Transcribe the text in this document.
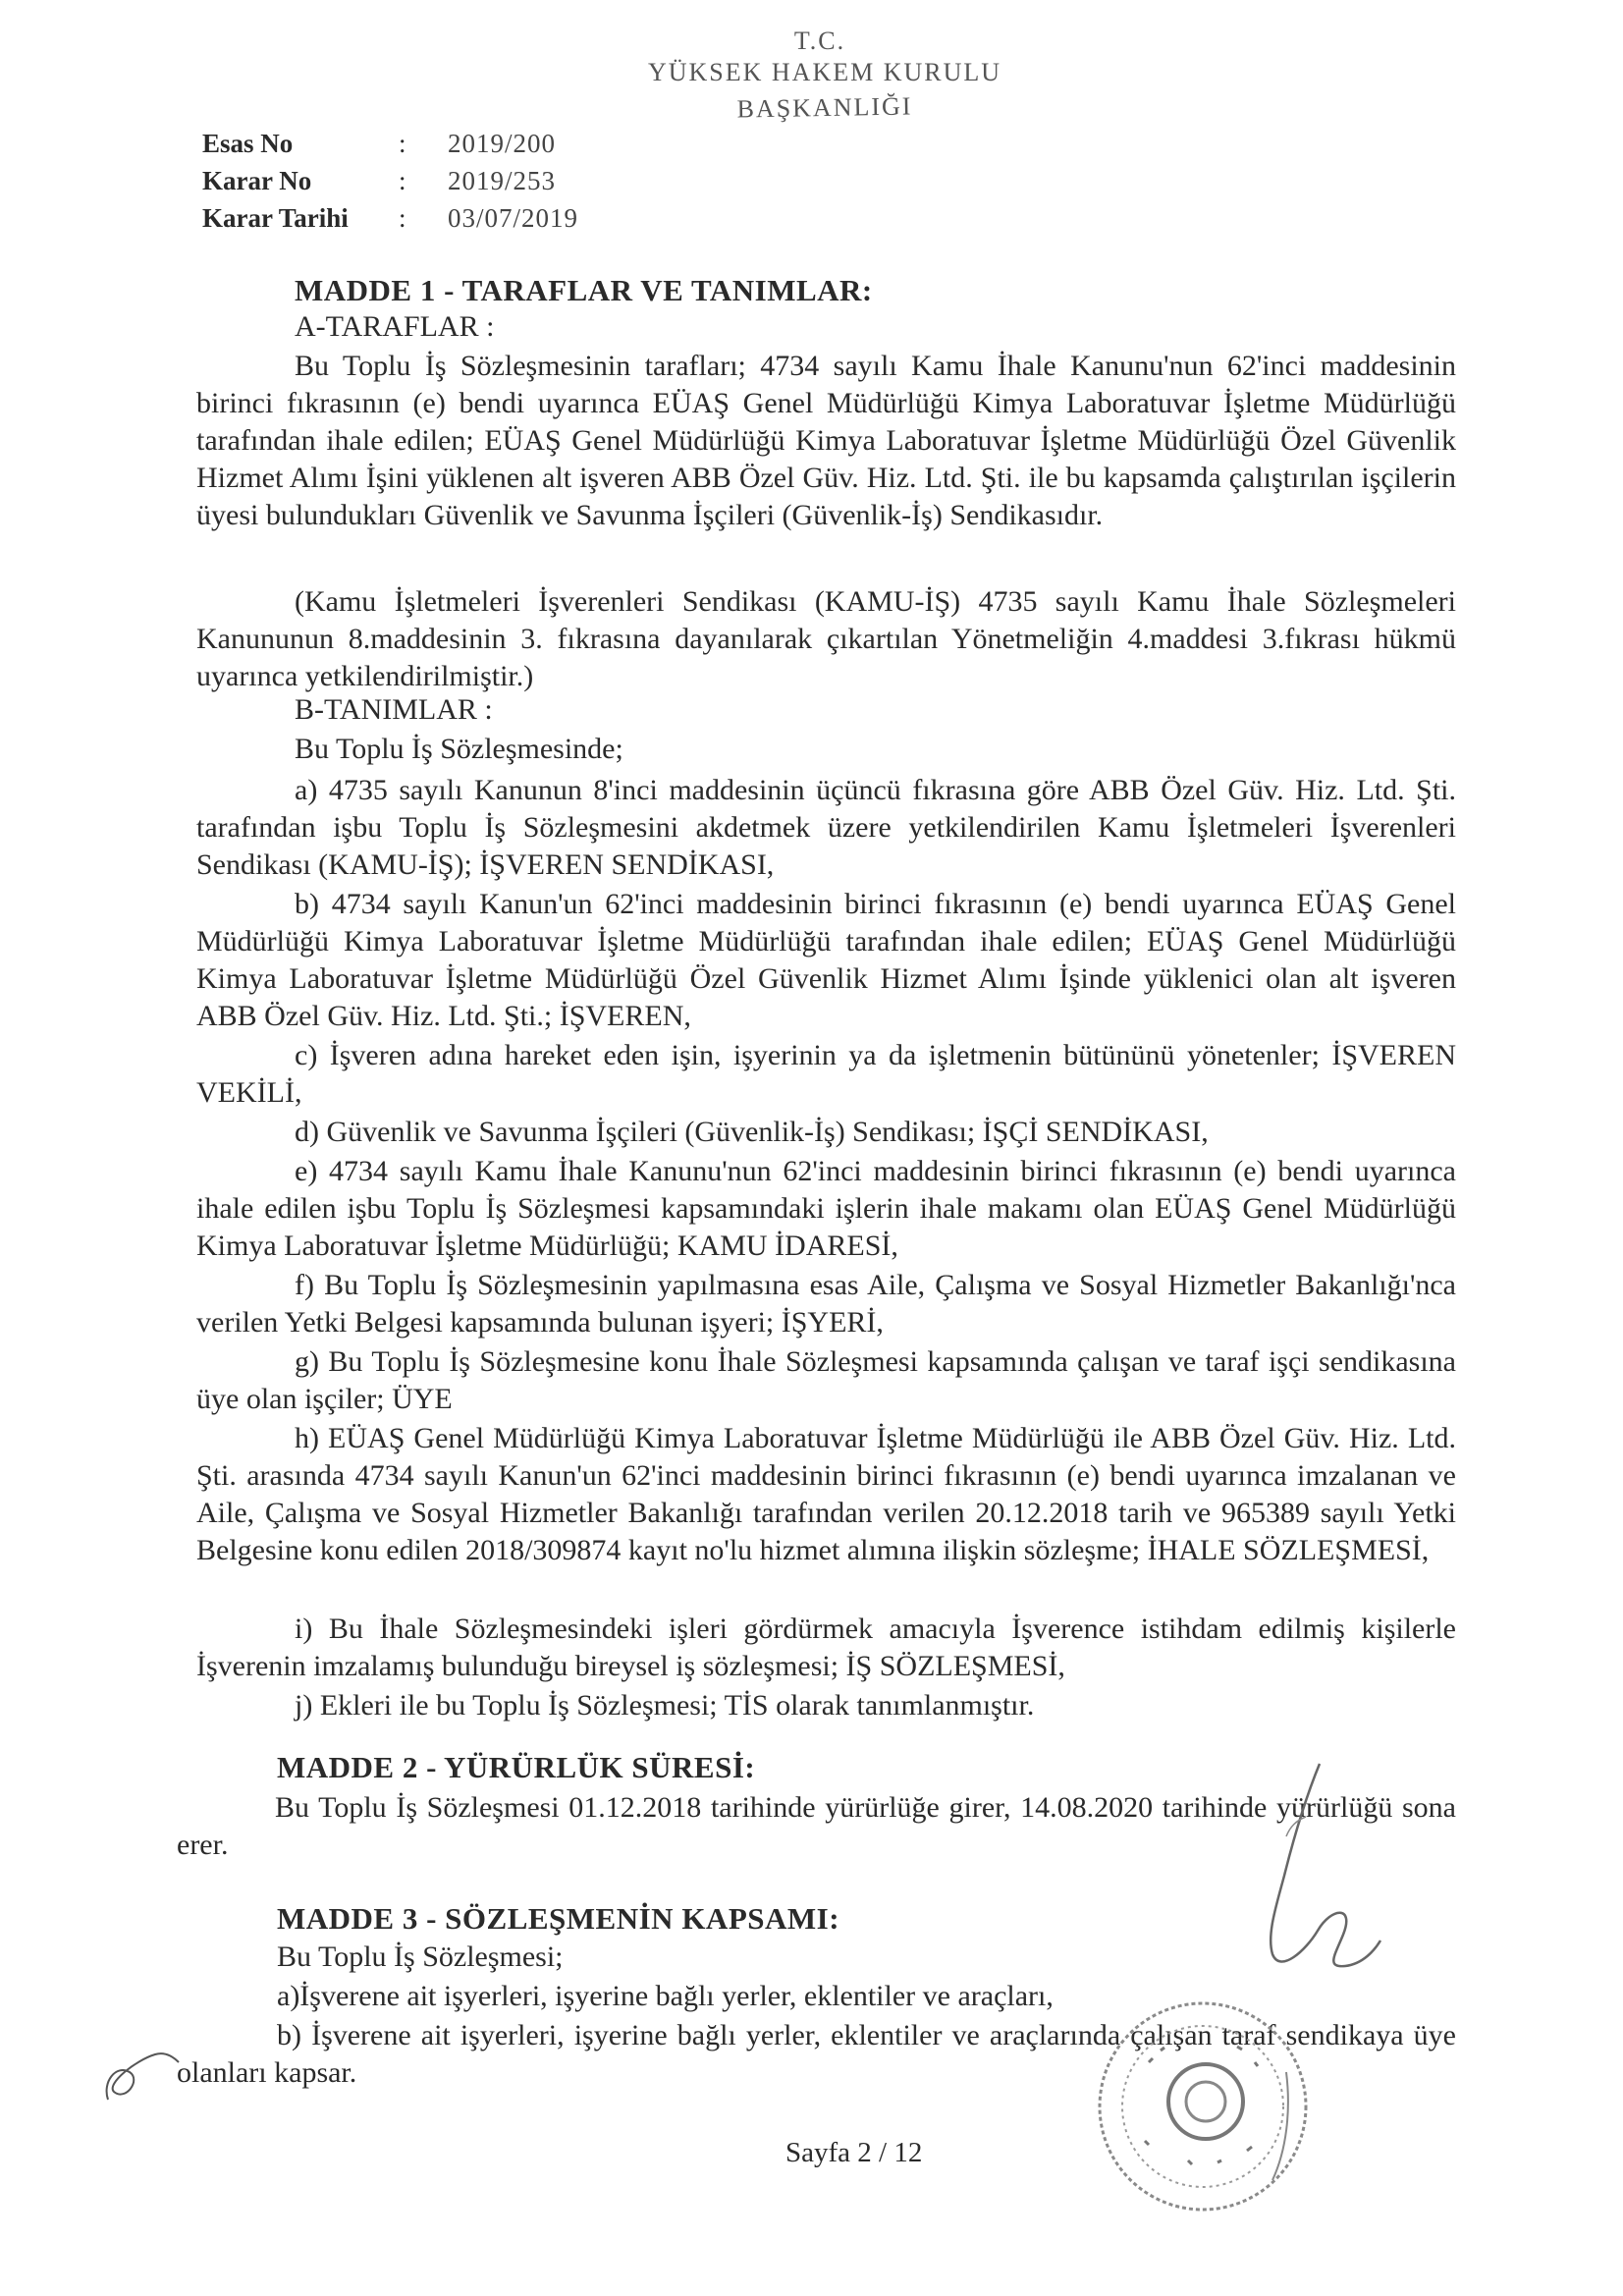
T.C.
YÜKSEK HAKEM KURULU
BAŞKANLIĞI
Esas No	: 2019/200
Karar No	: 2019/253
Karar Tarihi : 03/07/2019
MADDE 1 - TARAFLAR VE TANIMLAR:
A-TARAFLAR :
Bu Toplu İş Sözleşmesinin tarafları; 4734 sayılı Kamu İhale Kanunu'nun 62'inci maddesinin birinci fıkrasının (e) bendi uyarınca EÜAŞ Genel Müdürlüğü Kimya Laboratuvar İşletme Müdürlüğü tarafından ihale edilen; EÜAŞ Genel Müdürlüğü Kimya Laboratuvar İşletme Müdürlüğü Özel Güvenlik Hizmet Alımı İşini yüklenen alt işveren ABB Özel Güv. Hiz. Ltd. Şti. ile bu kapsamda çalıştırılan işçilerin üyesi bulundukları Güvenlik ve Savunma İşçileri (Güvenlik-İş) Sendikasıdır.
(Kamu İşletmeleri İşverenleri Sendikası (KAMU-İŞ) 4735 sayılı Kamu İhale Sözleşmeleri Kanununun 8.maddesinin 3. fıkrasına dayanılarak çıkartılan Yönetmeliğin 4.maddesi 3.fıkrası hükmü uyarınca yetkilendirilmiştir.)
B-TANIMLAR :
Bu Toplu İş Sözleşmesinde;
a) 4735 sayılı Kanunun 8'inci maddesinin üçüncü fıkrasına göre ABB Özel Güv. Hiz. Ltd. Şti. tarafından işbu Toplu İş Sözleşmesini akdetmek üzere yetkilendirilen Kamu İşletmeleri İşverenleri Sendikası (KAMU-İŞ); İŞVEREN SENDİKASI,
b) 4734 sayılı Kanun'un 62'inci maddesinin birinci fıkrasının (e) bendi uyarınca EÜAŞ Genel Müdürlüğü Kimya Laboratuvar İşletme Müdürlüğü tarafından ihale edilen; EÜAŞ Genel Müdürlüğü Kimya Laboratuvar İşletme Müdürlüğü Özel Güvenlik Hizmet Alımı İşinde yüklenici olan alt işveren ABB Özel Güv. Hiz. Ltd. Şti.; İŞVEREN,
c) İşveren adına hareket eden işin, işyerinin ya da işletmenin bütününü yönetenler; İŞVEREN VEKİLİ,
d) Güvenlik ve Savunma İşçileri (Güvenlik-İş) Sendikası; İŞÇİ SENDİKASI,
e) 4734 sayılı Kamu İhale Kanunu'nun 62'inci maddesinin birinci fıkrasının (e) bendi uyarınca ihale edilen işbu Toplu İş Sözleşmesi kapsamındaki işlerin ihale makamı olan EÜAŞ Genel Müdürlüğü Kimya Laboratuvar İşletme Müdürlüğü; KAMU İDARESİ,
f) Bu Toplu İş Sözleşmesinin yapılmasına esas Aile, Çalışma ve Sosyal Hizmetler Bakanlığı'nca verilen Yetki Belgesi kapsamında bulunan işyeri; İŞYERİ,
g) Bu Toplu İş Sözleşmesine konu İhale Sözleşmesi kapsamında çalışan ve taraf işçi sendikasına üye olan işçiler; ÜYE
h) EÜAŞ Genel Müdürlüğü Kimya Laboratuvar İşletme Müdürlüğü ile ABB Özel Güv. Hiz. Ltd. Şti. arasında 4734 sayılı Kanun'un 62'inci maddesinin birinci fıkrasının (e) bendi uyarınca imzalanan ve Aile, Çalışma ve Sosyal Hizmetler Bakanlığı tarafından verilen 20.12.2018 tarih ve 965389 sayılı Yetki Belgesine konu edilen 2018/309874 kayıt no'lu hizmet alımına ilişkin sözleşme; İHALE SÖZLEŞMESİ,
i) Bu İhale Sözleşmesindeki işleri gördürmek amacıyla İşverence istihdam edilmiş kişilerle İşverenin imzalamış bulunduğu bireysel iş sözleşmesi; İŞ SÖZLEŞMESİ,
j) Ekleri ile bu Toplu İş Sözleşmesi; TİS olarak tanımlanmıştır.
MADDE 2 - YÜRÜRLÜK SÜRESİ:
Bu Toplu İş Sözleşmesi 01.12.2018 tarihinde yürürlüğe girer, 14.08.2020 tarihinde yürürlüğü sona erer.
MADDE 3 - SÖZLEŞMENİN KAPSAMI:
Bu Toplu İş Sözleşmesi;
a)İşverene ait işyerleri, işyerine bağlı yerler, eklentiler ve araçları,
b) İşverene ait işyerleri, işyerine bağlı yerler, eklentiler ve araçlarında çalışan taraf sendikaya üye olanları kapsar.
Sayfa 2 / 12
